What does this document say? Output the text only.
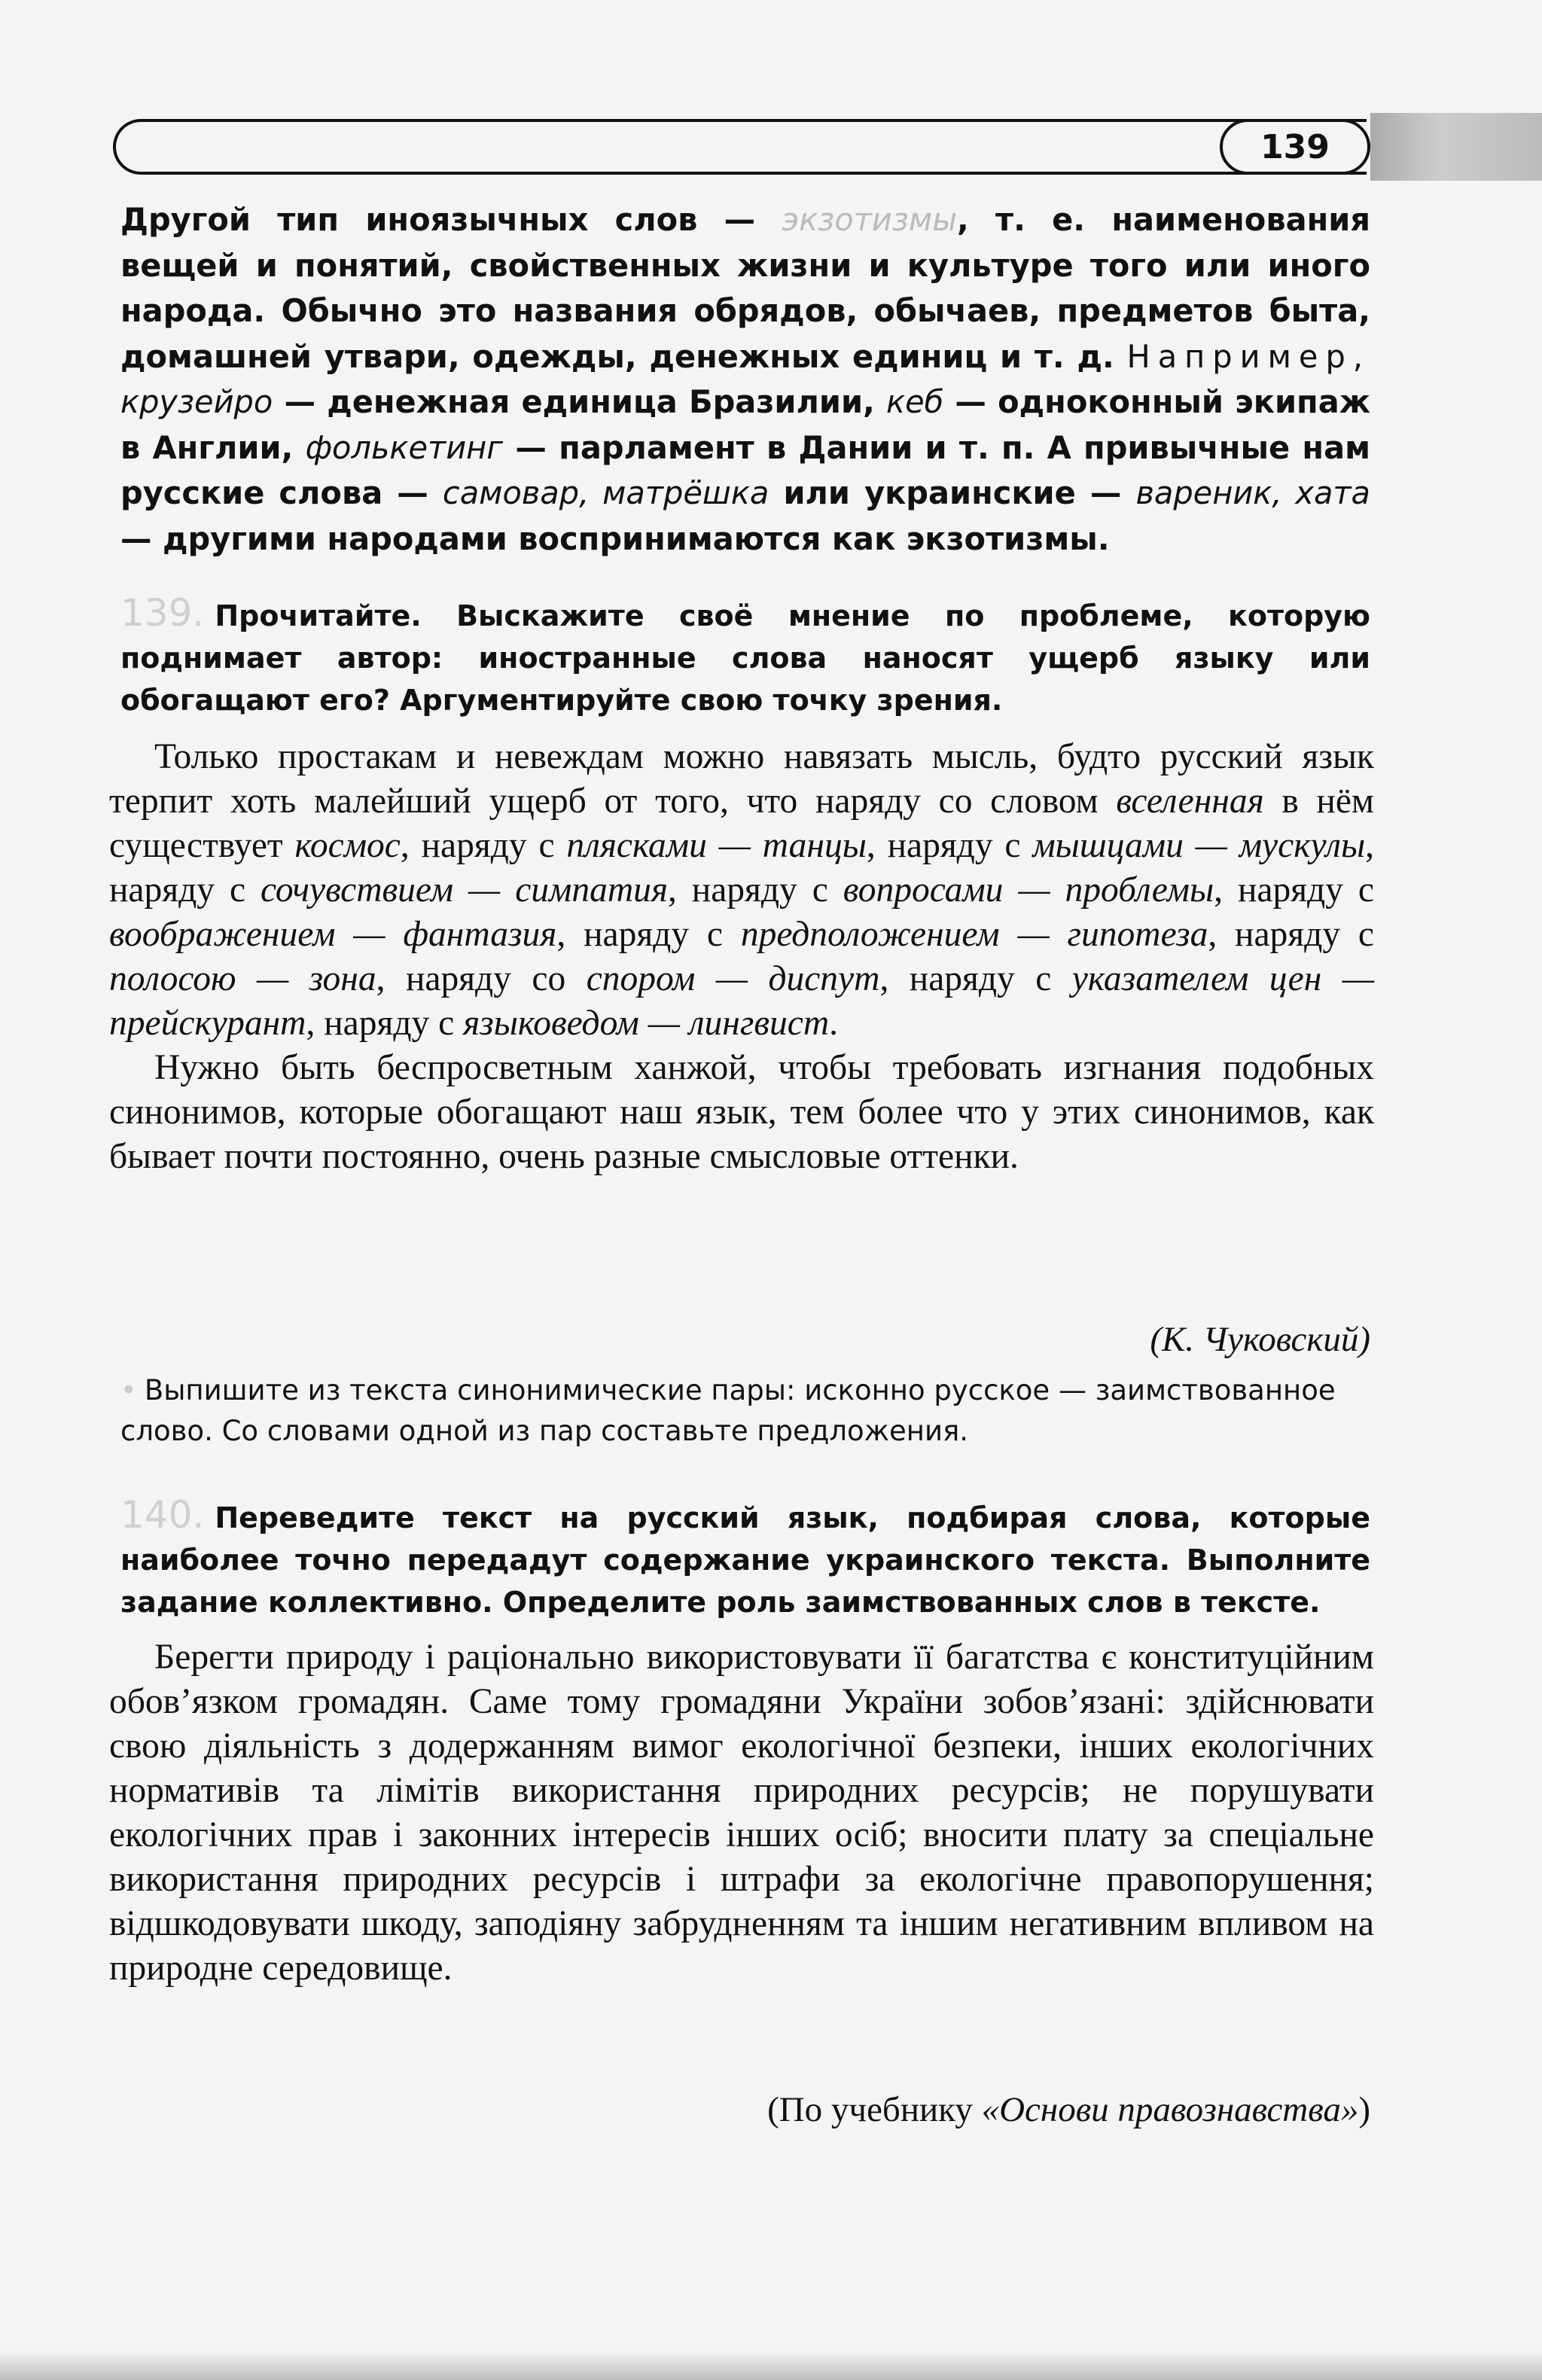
139
Другой тип иноязычных слов — экзотизмы, т. е. наименования вещей и понятий, свойственных жизни и культуре того или иного народа. Обычно это названия обрядов, обычаев, предметов быта, домашней утвари, одежды, денежных единиц и т. д. Например, крузейро — денежная единица Бразилии, кеб — одноконный экипаж в Англии, фолькетинг — парламент в Дании и т. п. А привычные нам русские слова — самовар, матрёшка или украинские — вареник, хата — другими народами воспринимаются как экзотизмы.
139. Прочитайте. Выскажите своё мнение по проблеме, которую поднимает автор: иностранные слова наносят ущерб языку или обогащают его? Аргументируйте свою точку зрения.

Только простакам и невеждам можно навязать мысль, будто русский язык терпит хоть малейший ущерб от того, что наряду со словом вселенная в нём существует космос, наряду с плясками — танцы, наряду с мышцами — мускулы, наряду с сочувствием — симпатия, наряду с вопросами — проблемы, наряду с воображением — фантазия, наряду с предположением — гипотеза, наряду с полосою — зона, наряду со спором — диспут, наряду с указателем цен — прейскурант, наряду с языковедом — лингвист.

Нужно быть беспросветным ханжой, чтобы требовать изгнания подобных синонимов, которые обогащают наш язык, тем более что у этих синонимов, как бывает почти постоянно, очень разные смысловые оттенки.

(К. Чуковский)
• Выпишите из текста синонимические пары: исконно русское — заимствованное слово. Со словами одной из пар составьте предложения.
140. Переведите текст на русский язык, подбирая слова, которые наиболее точно передадут содержание украинского текста. Выполните задание коллективно. Определите роль заимствованных слов в тексте.

Берегти природу і раціонально використовувати її багатства є конституційним обов’язком громадян. Саме тому громадяни України зобов’язані: здійснювати свою діяльність з додержанням вимог екологічної безпеки, інших екологічних нормативів та лімітів використання природних ресурсів; не порушувати екологічних прав і законних інтересів інших осіб; вносити плату за спеціальне використання природних ресурсів і штрафи за екологічне правопорушення; відшкодовувати шкоду, заподіяну забрудненням та іншим негативним впливом на природне середовище.

(По учебнику «Основи правознавства»)
